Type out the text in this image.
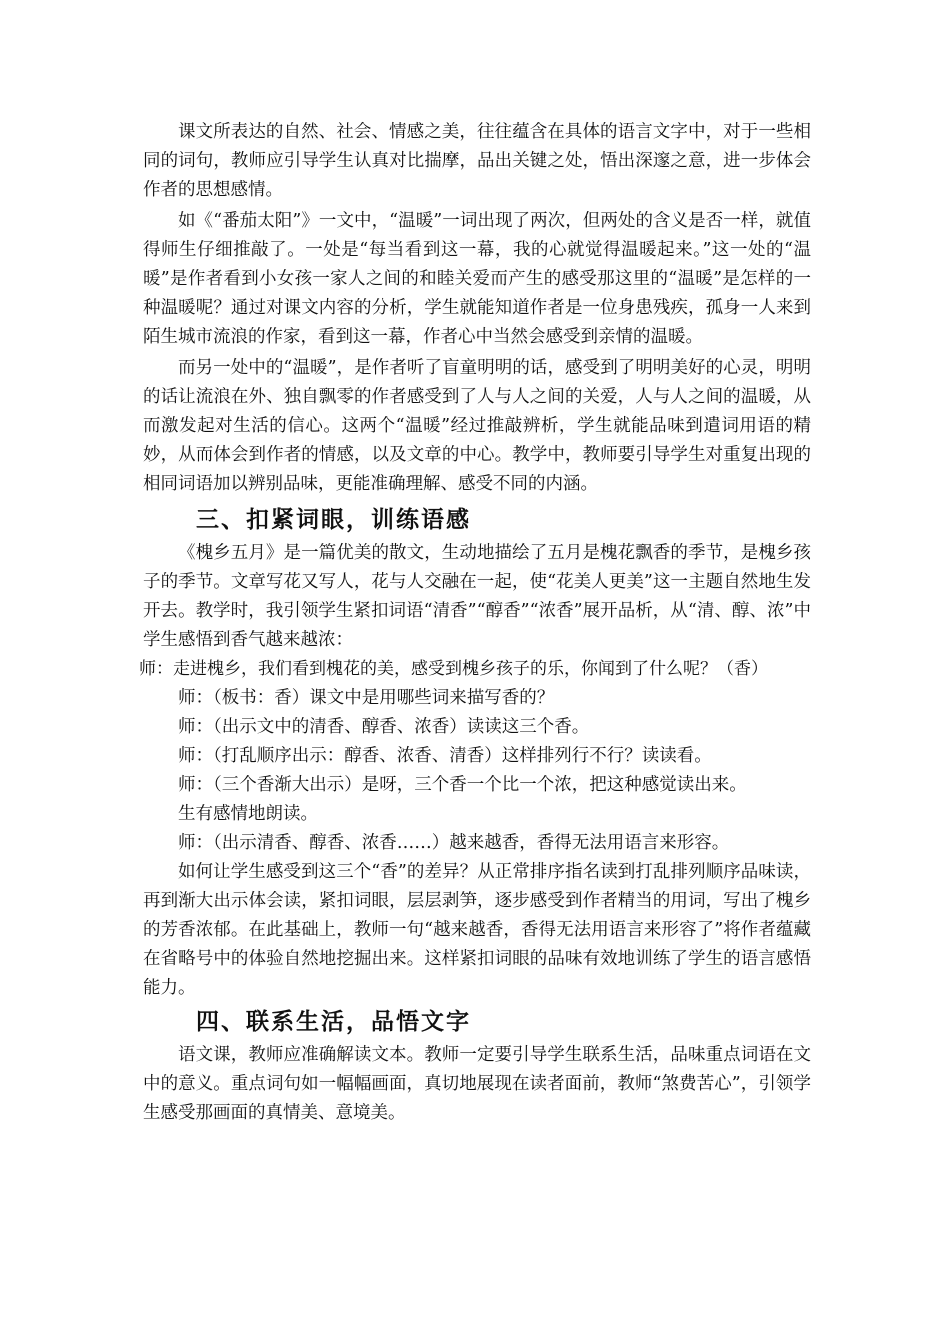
课文所表达的自然、社会、情感之美，往往蕴含在具体的语言文字中，对于一些相同的词句，教师应引导学生认真对比揣摩，品出关键之处，悟出深邃之意，进一步体会作者的思想感情。

如《“番茄太阳”》一文中，“温暖”一词出现了两次，但两处的含义是否一样，就值得师生仔细推敲了。一处是“每当看到这一幕，我的心就觉得温暖起来。”这一处的“温暖”是作者看到小女孩一家人之间的和睦关爱而产生的感受那这里的“温暖”是怎样的一种温暖呢？通过对课文内容的分析，学生就能知道作者是一位身患残疾，孤身一人来到陌生城市流浪的作家，看到这一幕，作者心中当然会感受到亲情的温暖。

而另一处中的“温暖”，是作者听了盲童明明的话，感受到了明明美好的心灵，明明的话让流浪在外、独自飘零的作者感受到了人与人之间的关爱，人与人之间的温暖，从而激发起对生活的信心。这两个“温暖”经过推敲辨析，学生就能品味到遣词用语的精妙，从而体会到作者的情感，以及文章的中心。教学中，教师要引导学生对重复出现的相同词语加以辨别品味，更能准确理解、感受不同的内涵。

三、扣紧词眼，训练语感

《槐乡五月》是一篇优美的散文，生动地描绘了五月是槐花飘香的季节，是槐乡孩子的季节。文章写花又写人，花与人交融在一起，使“花美人更美”这一主题自然地生发开去。教学时，我引领学生紧扣词语“清香”“醇香”“浓香”展开品析，从“清、醇、浓”中学生感悟到香气越来越浓：

师：走进槐乡，我们看到槐花的美，感受到槐乡孩子的乐，你闻到了什么呢？（香）

师：（板书：香）课文中是用哪些词来描写香的？

师：（出示文中的清香、醇香、浓香）读读这三个香。

师：（打乱顺序出示：醇香、浓香、清香）这样排列行不行？读读看。

师：（三个香渐大出示）是呀，三个香一个比一个浓，把这种感觉读出来。

生有感情地朗读。

师：（出示清香、醇香、浓香……）越来越香，香得无法用语言来形容。

如何让学生感受到这三个“香”的差异？从正常排序指名读到打乱排列顺序品味读，再到渐大出示体会读，紧扣词眼，层层剥笋，逐步感受到作者精当的用词，写出了槐乡的芳香浓郁。在此基础上，教师一句“越来越香，香得无法用语言来形容了”将作者蕴藏在省略号中的体验自然地挖掘出来。这样紧扣词眼的品味有效地训练了学生的语言感悟能力。

四、联系生活，品悟文字

语文课，教师应准确解读文本。教师一定要引导学生联系生活，品味重点词语在文中的意义。重点词句如一幅幅画面，真切地展现在读者面前，教师“煞费苦心”，引领学生感受那画面的真情美、意境美。
